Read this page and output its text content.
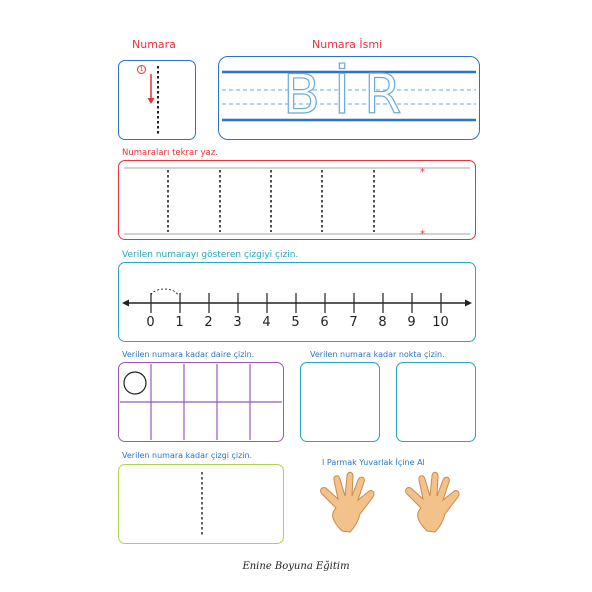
Numara	Numara İsmi
1	BİR
Numaraları tekrar yaz.
*
*
Verilen numarayı gösteren çizgiyi çizin.
0	1	2	3	4	5	6	7	8	9	10
Verilen numara kadar daire çizin.	Verilen numara kadar nokta çizin.
Verilen numara kadar çizgi çizin.
I Parmak Yuvarlak İçine Al
Enine Boyuna Eğitim
